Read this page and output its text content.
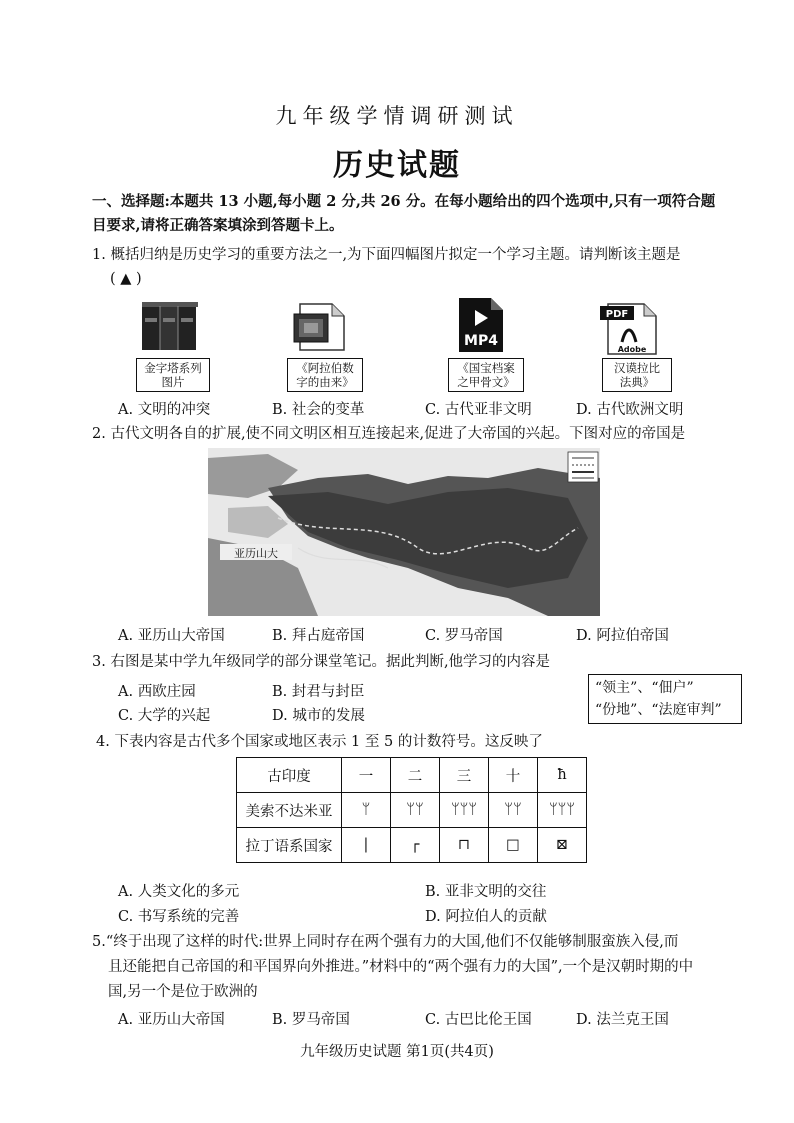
九年级学情调研测试
历史试题
一、选择题:本题共 13 小题,每小题 2 分,共 26 分。在每小题给出的四个选项中,只有一项符合题
目要求,请将正确答案填涂到答题卡上。
1. 概括归纳是历史学习的重要方法之一,为下面四幅图片拟定一个学习主题。请判断该主题是
( ▲ )
金字塔系列
图片
《阿拉伯数
字的由来》
MP4
《国宝档案
之甲骨文》
PDF
Adobe
汉谟拉比
法典》
A. 文明的冲突	B. 社会的变革	C. 古代亚非文明	D. 古代欧洲文明
2. 古代文明各自的扩展,使不同文明区相互连接起来,促进了大帝国的兴起。下图对应的帝国是
亚历山大
A. 亚历山大帝国	B. 拜占庭帝国	C. 罗马帝国	D. 阿拉伯帝国
3. 右图是某中学九年级同学的部分课堂笔记。据此判断,他学习的内容是
A. 西欧庄园	B. 封君与封臣
C. 大学的兴起	D. 城市的发展
“领主”、“佃户”
“份地”、“法庭审判”
4. 下表内容是古代多个国家或地区表示 1 至 5 的计数符号。这反映了
古印度	一	二	三	十	ħ
美索不达米亚	ᛘ	ᛘᛘ	ᛘᛘᛘ	ᛘᛘ	ᛘᛘᛘ
拉丁语系国家	|	┌	⊓	□	⊠
A. 人类文化的多元	B. 亚非文明的交往
C. 书写系统的完善	D. 阿拉伯人的贡献
5.“终于出现了这样的时代:世界上同时存在两个强有力的大国,他们不仅能够制服蛮族入侵,而
且还能把自己帝国的和平国界向外推进。”材料中的“两个强有力的大国”,一个是汉朝时期的中
国,另一个是位于欧洲的
A. 亚历山大帝国	B. 罗马帝国	C. 古巴比伦王国	D. 法兰克王国
九年级历史试题 第1页(共4页)
